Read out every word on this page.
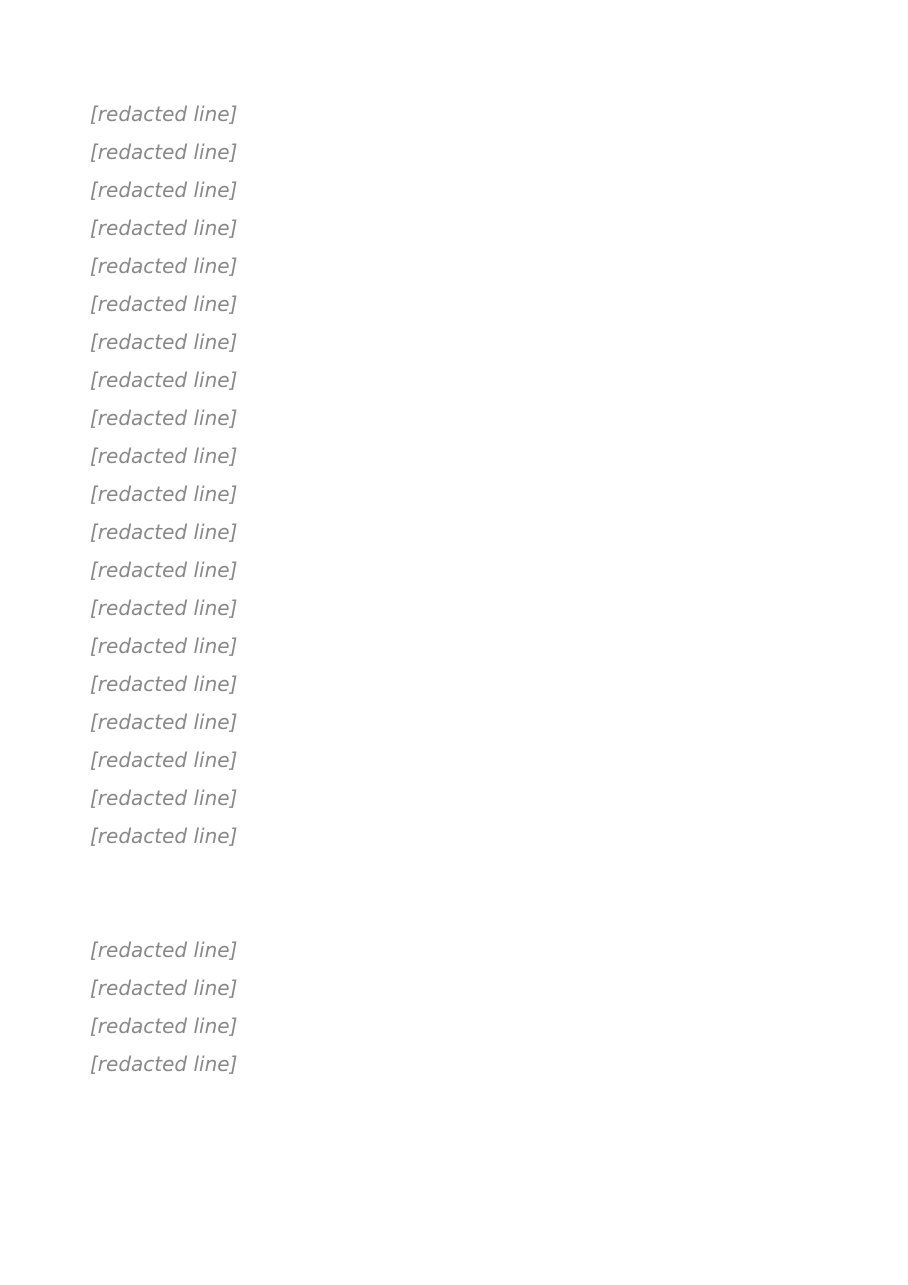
[redacted line]
[redacted line]
[redacted line]
[redacted line]
[redacted line]
[redacted line]
[redacted line]
[redacted line]
[redacted line]
[redacted line]
[redacted line]
[redacted line]
[redacted line]
[redacted line]
[redacted line]
[redacted line]
[redacted line]
[redacted line]
[redacted line]
[redacted line]
[redacted line]
[redacted line]
[redacted line]
[redacted line]
